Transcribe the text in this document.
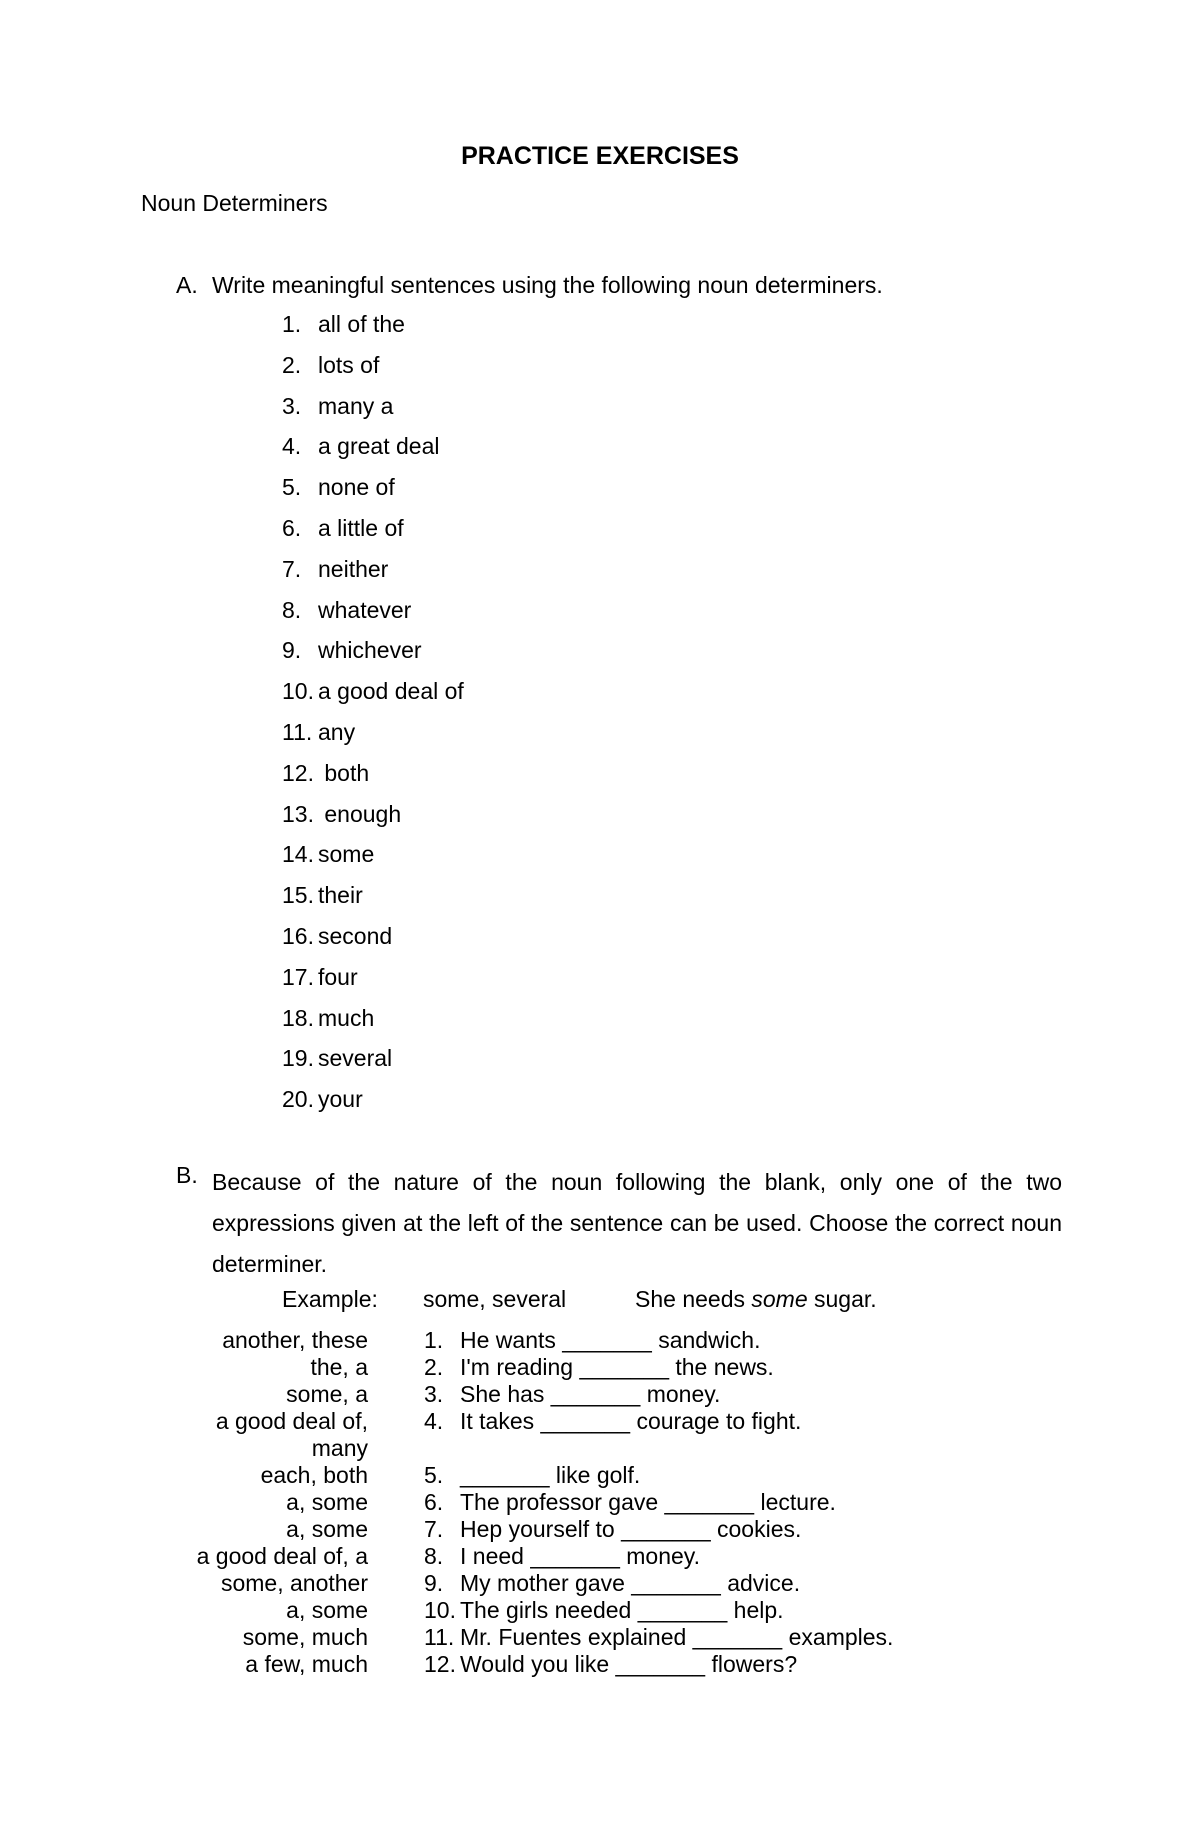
PRACTICE EXERCISES
Noun Determiners
A. Write meaningful sentences using the following noun determiners.
1. all of the
2. lots of
3. many a
4. a great deal
5. none of
6. a little of
7. neither
8. whatever
9. whichever
10. a good deal of
11. any
12. both
13. enough
14. some
15. their
16. second
17. four
18. much
19. several
20. your
B. Because of the nature of the noun following the blank, only one of the two expressions given at the left of the sentence can be used. Choose the correct noun determiner.
Example: some, several	She needs some sugar.
another, these 1. He wants _______ sandwich.
the, a 2. I'm reading _______ the news.
some, a 3. She has _______ money.
a good deal of, many
4. It takes _______ courage to fight.
each, both 5. _______ like golf.
a, some 6. The professor gave _______ lecture.
a, some 7. Hep yourself to _______ cookies.
a good deal of, a 8. I need _______ money.
some, another 9. My mother gave _______ advice.
a, some 10. The girls needed _______ help.
some, much 11. Mr. Fuentes explained _______ examples.
a few, much 12. Would you like _______ flowers?
